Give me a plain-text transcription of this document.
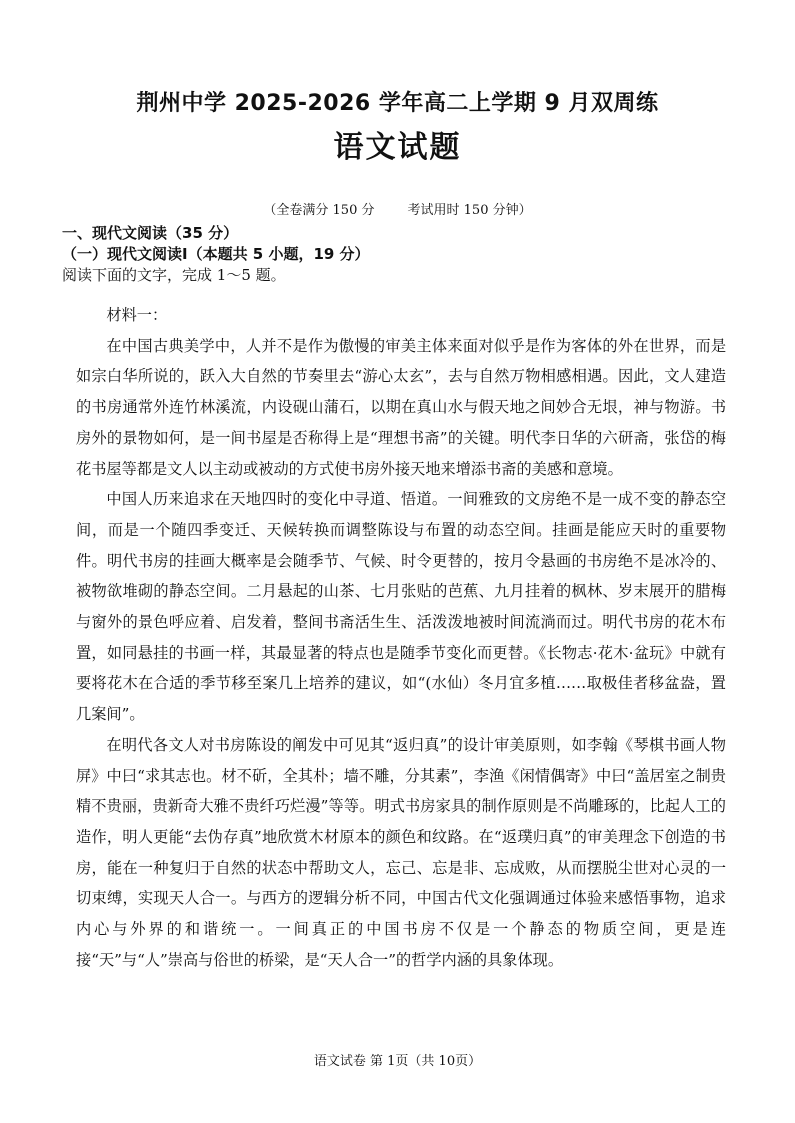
荆州中学 2025-2026 学年高二上学期 9 月双周练
语文试题
（全卷满分 150 分        考试用时 150 分钟）
一、现代文阅读（35 分）
（一）现代文阅读Ⅰ（本题共 5 小题，19 分）
阅读下面的文字，完成 1～5 题。

材料一：

在中国古典美学中，人并不是作为傲慢的审美主体来面对似乎是作为客体的外在世界，而是如宗白华所说的，跃入大自然的节奏里去“游心太玄”，去与自然万物相感相遇。因此，文人建造的书房通常外连竹林溪流，内设砚山蒲石，以期在真山水与假天地之间妙合无垠，神与物游。书房外的景物如何，是一间书屋是否称得上是“理想书斋”的关键。明代李日华的六研斋，张岱的梅花书屋等都是文人以主动或被动的方式使书房外接天地来增添书斋的美感和意境。

中国人历来追求在天地四时的变化中寻道、悟道。一间雅致的文房绝不是一成不变的静态空间，而是一个随四季变迁、天候转换而调整陈设与布置的动态空间。挂画是能应天时的重要物件。明代书房的挂画大概率是会随季节、气候、时令更替的，按月令悬画的书房绝不是冰冷的、被物欲堆砌的静态空间。二月悬起的山茶、七月张贴的芭蕉、九月挂着的枫林、岁末展开的腊梅与窗外的景色呼应着、启发着，整间书斋活生生、活泼泼地被时间流淌而过。明代书房的花木布置，如同悬挂的书画一样，其最显著的特点也是随季节变化而更替。《长物志·花木·盆玩》中就有要将花木在合适的季节移至案几上培养的建议，如“(水仙）冬月宜多植……取极佳者移盆盎，置几案间”。

在明代各文人对书房陈设的阐发中可见其“返归真”的设计审美原则，如李翰《琴棋书画人物屏》中曰“求其志也。材不斫，全其朴；墙不雕，分其素”，李渔《闲情偶寄》中曰“盖居室之制贵精不贵丽，贵新奇大雅不贵纤巧烂漫”等等。明式书房家具的制作原则是不尚雕琢的，比起人工的造作，明人更能“去伪存真”地欣赏木材原本的颜色和纹路。在“返璞归真”的审美理念下创造的书房，能在一种复归于自然的状态中帮助文人，忘己、忘是非、忘成败，从而摆脱尘世对心灵的一切束缚，实现天人合一。与西方的逻辑分析不同，中国古代文化强调通过体验来感悟事物，追求内心与外界的和谐统一。一间真正的中国书房不仅是一个静态的物质空间，更是连接“天”与“人”崇高与俗世的桥梁，是“天人合一”的哲学内涵的具象体现。

语文试卷 第 1页（共 10页）
